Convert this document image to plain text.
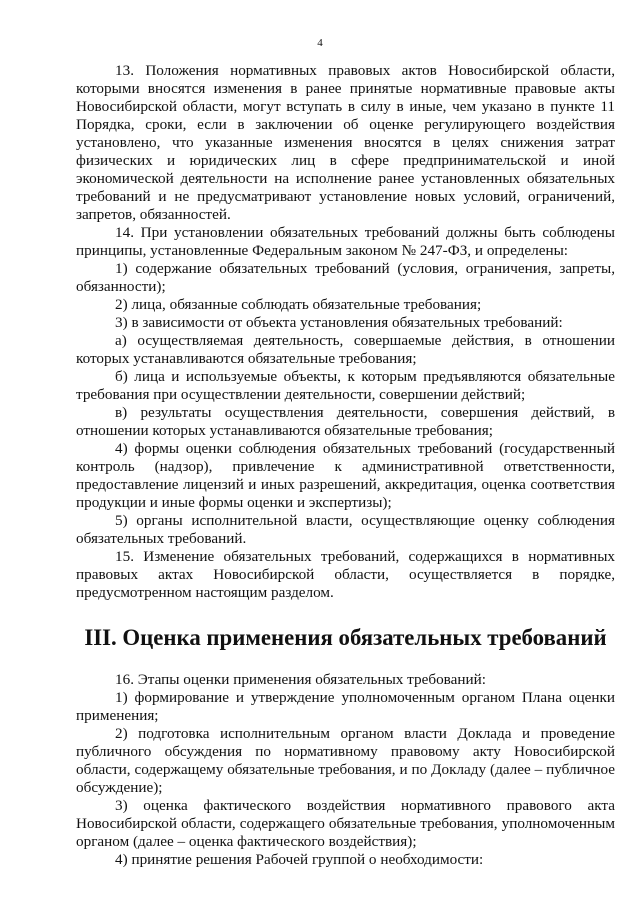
4

13. Положения нормативных правовых актов Новосибирской области, которыми вносятся изменения в ранее принятые нормативные правовые акты Новосибирской области, могут вступать в силу в иные, чем указано в пункте 11 Порядка, сроки, если в заключении об оценке регулирующего воздействия установлено, что указанные изменения вносятся в целях снижения затрат физических и юридических лиц в сфере предпринимательской и иной экономической деятельности на исполнение ранее установленных обязательных требований и не предусматривают установление новых условий, ограничений, запретов, обязанностей.

14. При установлении обязательных требований должны быть соблюдены принципы, установленные Федеральным законом № 247-ФЗ, и определены:

1) содержание обязательных требований (условия, ограничения, запреты, обязанности);

2) лица, обязанные соблюдать обязательные требования;

3) в зависимости от объекта установления обязательных требований:

а) осуществляемая деятельность, совершаемые действия, в отношении которых устанавливаются обязательные требования;

б) лица и используемые объекты, к которым предъявляются обязательные требования при осуществлении деятельности, совершении действий;

в) результаты осуществления деятельности, совершения действий, в отношении которых устанавливаются обязательные требования;

4) формы оценки соблюдения обязательных требований (государственный контроль (надзор), привлечение к административной ответственности, предоставление лицензий и иных разрешений, аккредитация, оценка соответствия продукции и иные формы оценки и экспертизы);

5) органы исполнительной власти, осуществляющие оценку соблюдения обязательных требований.

15. Изменение обязательных требований, содержащихся в нормативных правовых актах Новосибирской области, осуществляется в порядке, предусмотренном настоящим разделом.

III. Оценка применения обязательных требований

16. Этапы оценки применения обязательных требований:

1) формирование и утверждение уполномоченным органом Плана оценки применения;

2) подготовка исполнительным органом власти Доклада и проведение публичного обсуждения по нормативному правовому акту Новосибирской области, содержащему обязательные требования, и по Докладу (далее – публичное обсуждение);

3) оценка фактического воздействия нормативного правового акта Новосибирской области, содержащего обязательные требования, уполномоченным органом (далее – оценка фактического воздействия);

4) принятие решения Рабочей группой о необходимости:
